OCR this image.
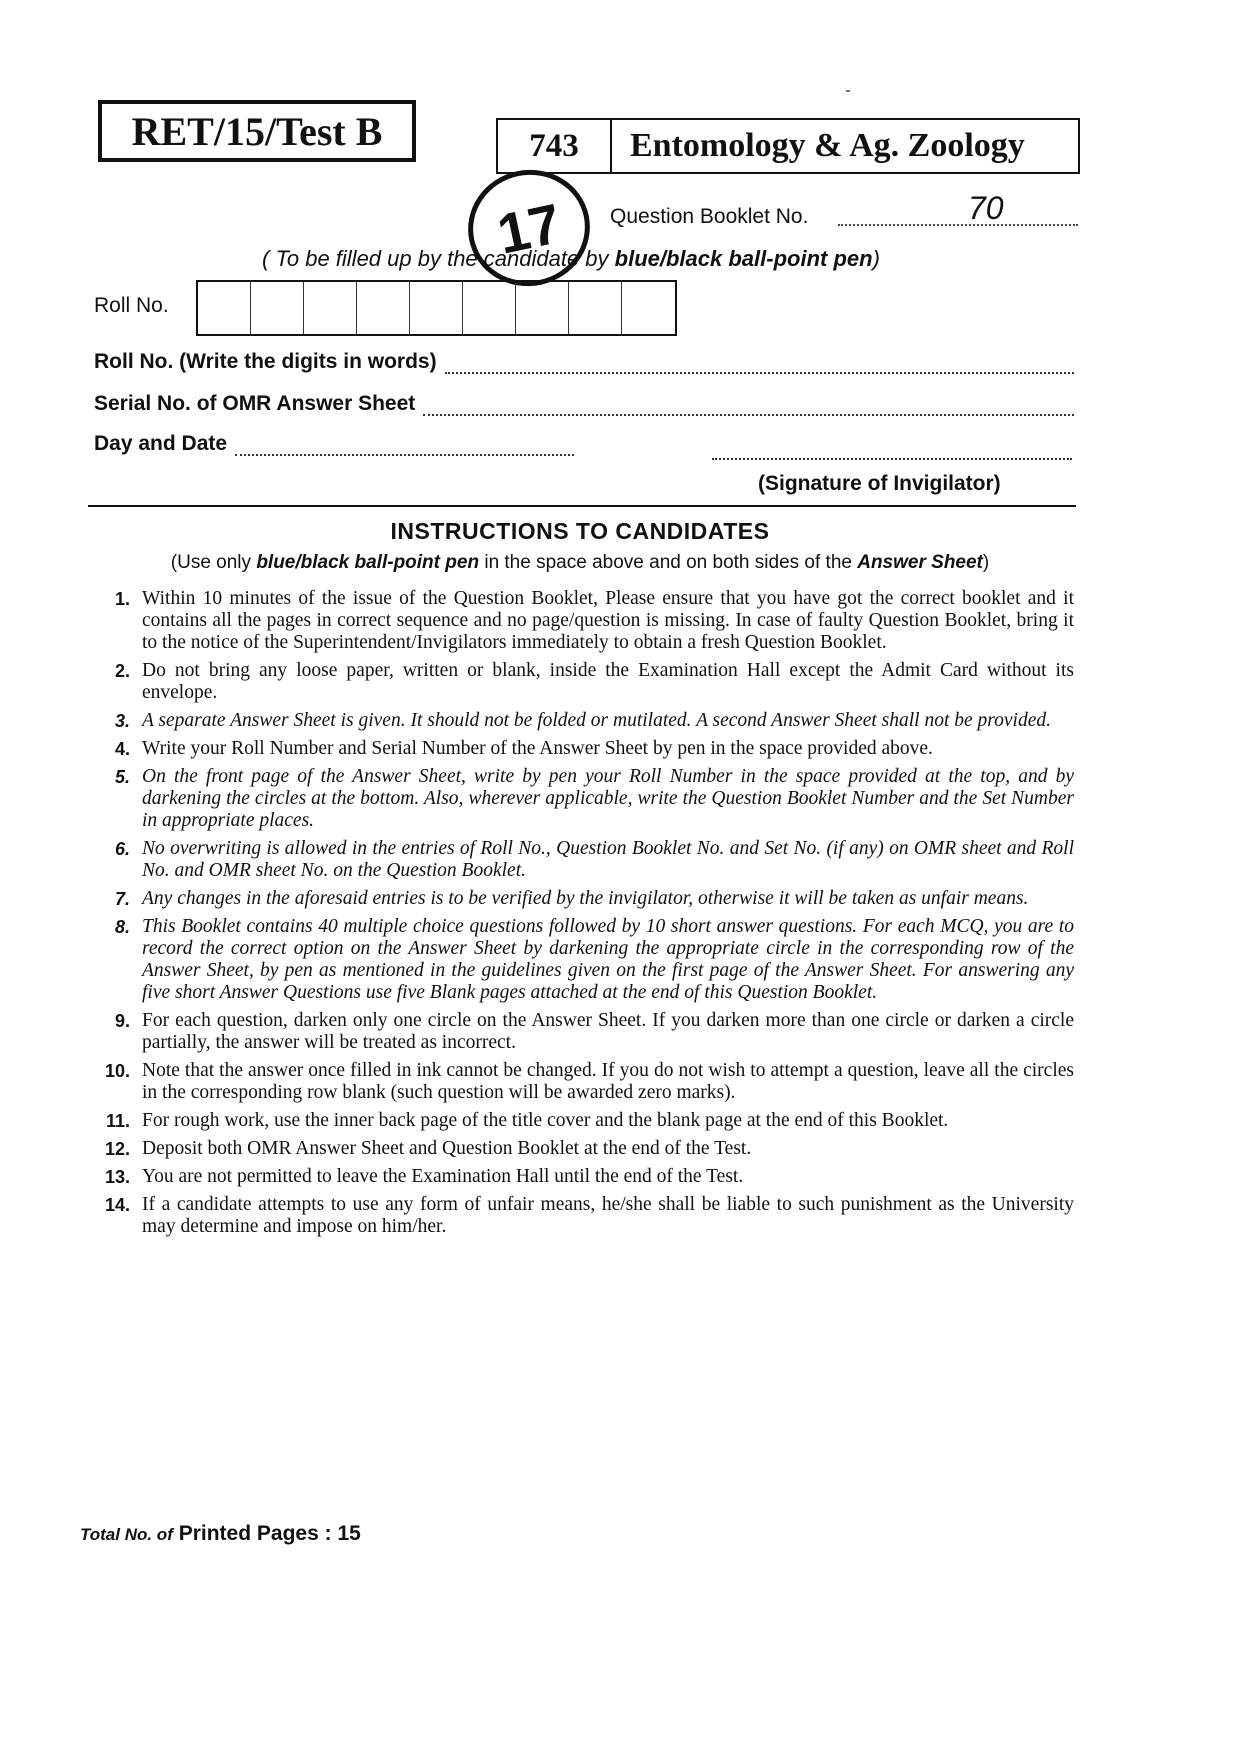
RET/15/Test B	743	Entomology & Ag. Zoology
17 Question Booklet No.	70
( To be filled up by the candidate by blue/black ball-point pen)
Roll No.
Roll No. (Write the digits in words)
Serial No. of OMR Answer Sheet
Day and Date
(Signature of Invigilator)
INSTRUCTIONS TO CANDIDATES
(Use only blue/black ball-point pen in the space above and on both sides of the Answer Sheet)
1. Within 10 minutes of the issue of the Question Booklet, Please ensure that you have got the correct booklet and it contains all the pages in correct sequence and no page/question is missing. In case of faulty Question Booklet, bring it to the notice of the Superintendent/Invigilators immediately to obtain a fresh Question Booklet.
2. Do not bring any loose paper, written or blank, inside the Examination Hall except the Admit Card without its envelope.
3. A separate Answer Sheet is given. It should not be folded or mutilated. A second Answer Sheet shall not be provided.
4. Write your Roll Number and Serial Number of the Answer Sheet by pen in the space provided above.
5. On the front page of the Answer Sheet, write by pen your Roll Number in the space provided at the top, and by darkening the circles at the bottom. Also, wherever applicable, write the Question Booklet Number and the Set Number in appropriate places.
6. No overwriting is allowed in the entries of Roll No., Question Booklet No. and Set No. (if any) on OMR sheet and Roll No. and OMR sheet No. on the Question Booklet.
7. Any changes in the aforesaid entries is to be verified by the invigilator, otherwise it will be taken as unfair means.
8. This Booklet contains 40 multiple choice questions followed by 10 short answer questions. For each MCQ, you are to record the correct option on the Answer Sheet by darkening the appropriate circle in the corresponding row of the Answer Sheet, by pen as mentioned in the guidelines given on the first page of the Answer Sheet. For answering any five short Answer Questions use five Blank pages attached at the end of this Question Booklet.
9. For each question, darken only one circle on the Answer Sheet. If you darken more than one circle or darken a circle partially, the answer will be treated as incorrect.
10. Note that the answer once filled in ink cannot be changed. If you do not wish to attempt a question, leave all the circles in the corresponding row blank (such question will be awarded zero marks).
11. For rough work, use the inner back page of the title cover and the blank page at the end of this Booklet.
12. Deposit both OMR Answer Sheet and Question Booklet at the end of the Test.
13. You are not permitted to leave the Examination Hall until the end of the Test.
14. If a candidate attempts to use any form of unfair means, he/she shall be liable to such punishment as the University may determine and impose on him/her.
Total No. of Printed Pages : 15
